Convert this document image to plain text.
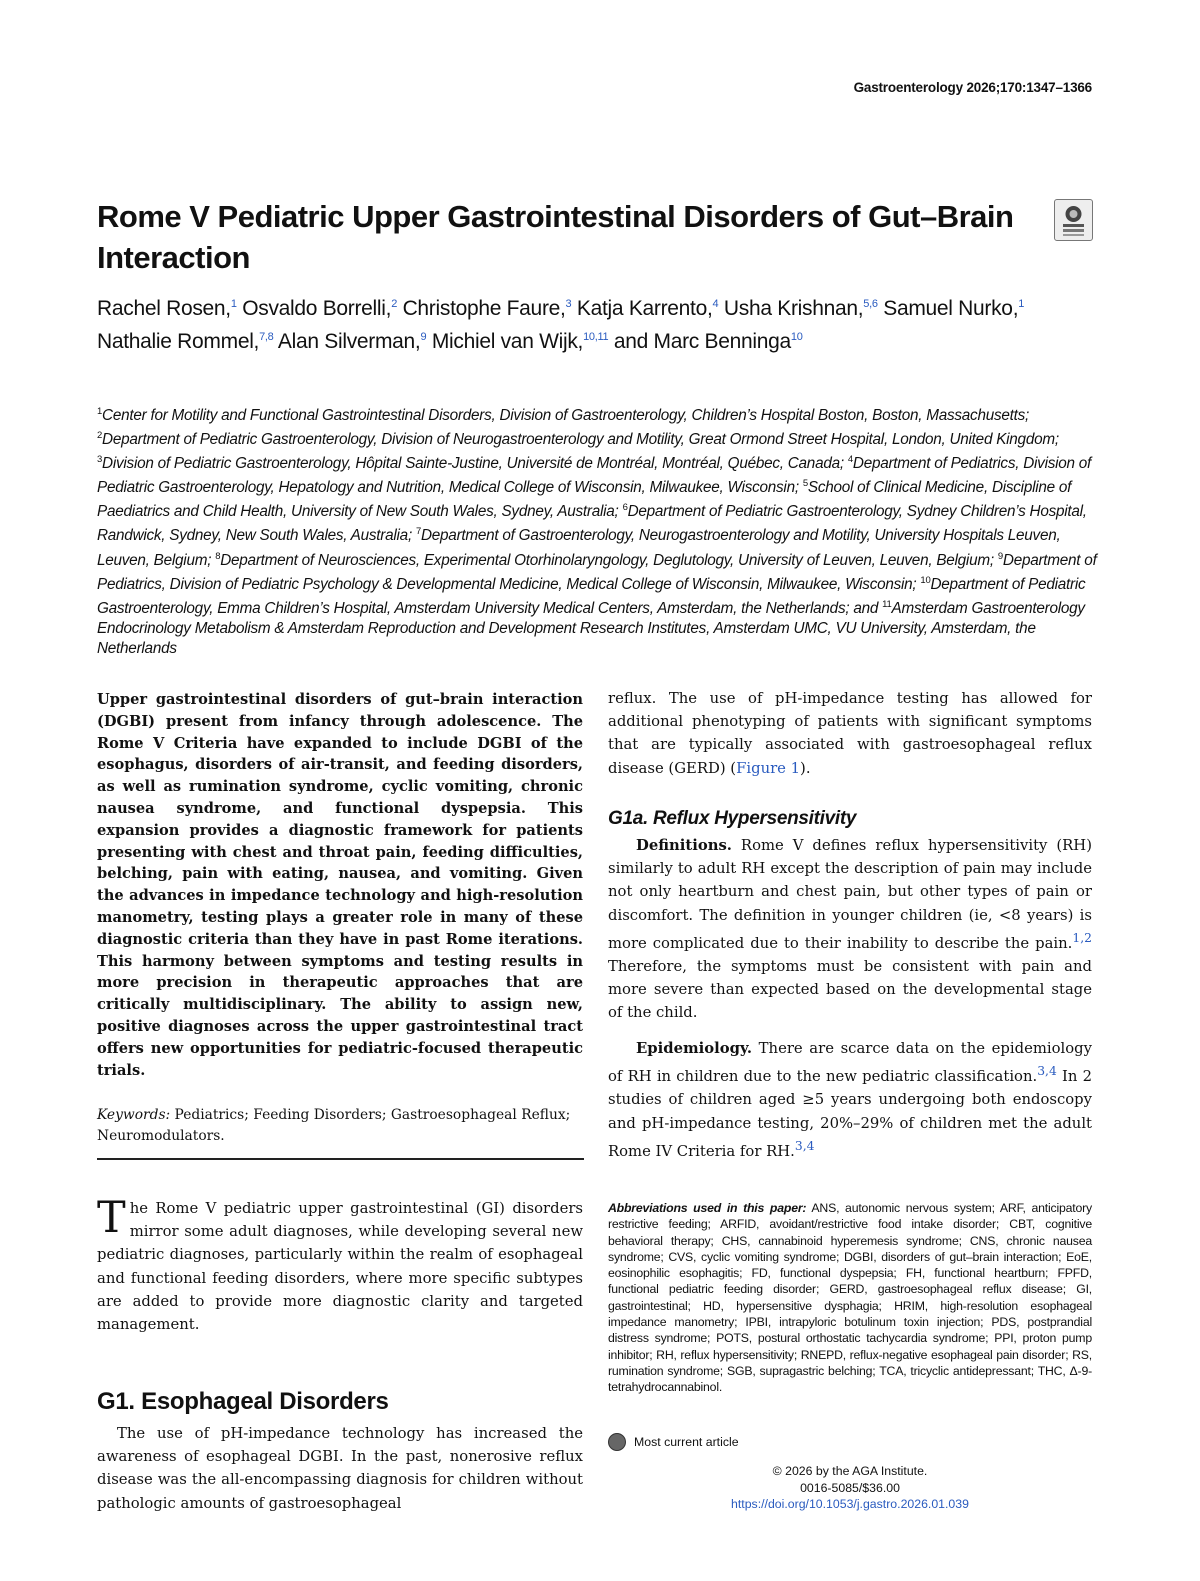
Gastroenterology 2026;170:1347–1366
Rome V Pediatric Upper Gastrointestinal Disorders of Gut–Brain Interaction
Rachel Rosen,$^1$ Osvaldo Borrelli,$^2$ Christophe Faure,$^3$ Katja Karrento,$^4$ Usha Krishnan,$^{5,6}$ Samuel Nurko,$^1$ Nathalie Rommel,$^{7,8}$ Alan Silverman,$^9$ Michiel van Wijk,$^{10,11}$ and Marc Benninga$^{10}$
$^1$Center for Motility and Functional Gastrointestinal Disorders, Division of Gastroenterology, Children’s Hospital Boston, Boston, Massachusetts; $^2$Department of Pediatric Gastroenterology, Division of Neurogastroenterology and Motility, Great Ormond Street Hospital, London, United Kingdom; $^3$Division of Pediatric Gastroenterology, Hôpital Sainte-Justine, Université de Montréal, Montréal, Québec, Canada; $^4$Department of Pediatrics, Division of Pediatric Gastroenterology, Hepatology and Nutrition, Medical College of Wisconsin, Milwaukee, Wisconsin; $^5$School of Clinical Medicine, Discipline of Paediatrics and Child Health, University of New South Wales, Sydney, Australia; $^6$Department of Pediatric Gastroenterology, Sydney Children’s Hospital, Randwick, Sydney, New South Wales, Australia; $^7$Department of Gastroenterology, Neurogastroenterology and Motility, University Hospitals Leuven, Leuven, Belgium; $^8$Department of Neurosciences, Experimental Otorhinolaryngology, Deglutology, University of Leuven, Leuven, Belgium; $^9$Department of Pediatrics, Division of Pediatric Psychology & Developmental Medicine, Medical College of Wisconsin, Milwaukee, Wisconsin; $^{10}$Department of Pediatric Gastroenterology, Emma Children’s Hospital, Amsterdam University Medical Centers, Amsterdam, the Netherlands; and $^{11}$Amsterdam Gastroenterology Endocrinology Metabolism & Amsterdam Reproduction and Development Research Institutes, Amsterdam UMC, VU University, Amsterdam, the Netherlands
Upper gastrointestinal disorders of gut–brain interaction (DGBI) present from infancy through adolescence. The Rome V Criteria have expanded to include DGBI of the esophagus, disorders of air-transit, and feeding disorders, as well as rumination syndrome, cyclic vomiting, chronic nausea syndrome, and functional dyspepsia. This expansion provides a diagnostic framework for patients presenting with chest and throat pain, feeding difficulties, belching, pain with eating, nausea, and vomiting. Given the advances in impedance technology and high-resolution manometry, testing plays a greater role in many of these diagnostic criteria than they have in past Rome iterations. This harmony between symptoms and testing results in more precision in therapeutic approaches that are critically multidisciplinary. The ability to assign new, positive diagnoses across the upper gastrointestinal tract offers new opportunities for pediatric-focused therapeutic trials.
Keywords: Pediatrics; Feeding Disorders; Gastroesophageal Reflux; Neuromodulators.
The Rome V pediatric upper gastrointestinal (GI) disorders mirror some adult diagnoses, while developing several new pediatric diagnoses, particularly within the realm of esophageal and functional feeding disorders, where more specific subtypes are added to provide more diagnostic clarity and targeted management.
G1. Esophageal Disorders
The use of pH-impedance technology has increased the awareness of esophageal DGBI. In the past, nonerosive reflux disease was the all-encompassing diagnosis for children without pathologic amounts of gastroesophageal
reflux. The use of pH-impedance testing has allowed for additional phenotyping of patients with significant symptoms that are typically associated with gastroesophageal reflux disease (GERD) (Figure 1).
G1a. Reflux Hypersensitivity
Definitions. Rome V defines reflux hypersensitivity (RH) similarly to adult RH except the description of pain may include not only heartburn and chest pain, but other types of pain or discomfort. The definition in younger children (ie, <8 years) is more complicated due to their inability to describe the pain.$^{1,2}$ Therefore, the symptoms must be consistent with pain and more severe than expected based on the developmental stage of the child.
Epidemiology. There are scarce data on the epidemiology of RH in children due to the new pediatric classification.$^{3,4}$ In 2 studies of children aged ≥5 years undergoing both endoscopy and pH-impedance testing, 20%–29% of children met the adult Rome IV Criteria for RH.$^{3,4}$
Abbreviations used in this paper: ANS, autonomic nervous system; ARF, anticipatory restrictive feeding; ARFID, avoidant/restrictive food intake disorder; CBT, cognitive behavioral therapy; CHS, cannabinoid hyperemesis syndrome; CNS, chronic nausea syndrome; CVS, cyclic vomiting syndrome; DGBI, disorders of gut–brain interaction; EoE, eosinophilic esophagitis; FD, functional dyspepsia; FH, functional heartburn; FPFD, functional pediatric feeding disorder; GERD, gastroesophageal reflux disease; GI, gastrointestinal; HD, hypersensitive dysphagia; HRIM, high-resolution esophageal impedance manometry; IPBI, intrapyloric botulinum toxin injection; PDS, postprandial distress syndrome; POTS, postural orthostatic tachycardia syndrome; PPI, proton pump inhibitor; RH, reflux hypersensitivity; RNEPD, reflux-negative esophageal pain disorder; RS, rumination syndrome; SGB, supragastric belching; TCA, tricyclic antidepressant; THC, Δ-9-tetrahydrocannabinol.
Most current article
© 2026 by the AGA Institute.
0016-5085/$36.00
https://doi.org/10.1053/j.gastro.2026.01.039
